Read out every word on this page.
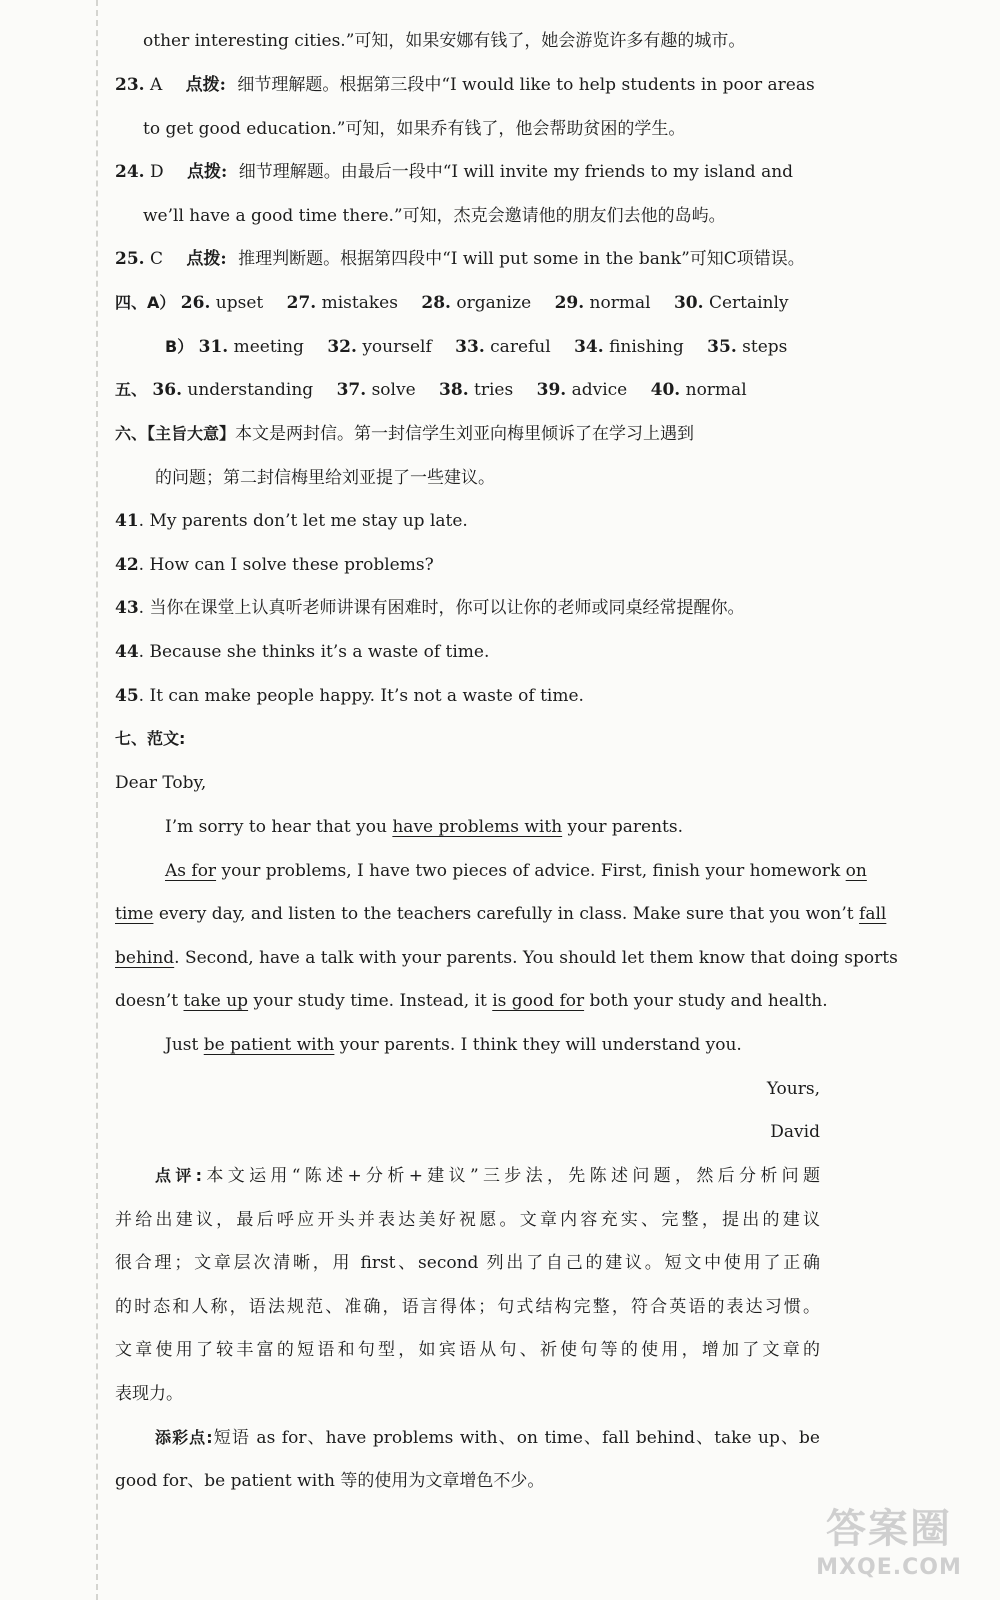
other interesting cities.”可知，如果安娜有钱了，她会游览许多有趣的城市。
23. A 点拨: 细节理解题。根据第三段中“I would like to help students in poor areas
to get good education.”可知，如果乔有钱了，他会帮助贫困的学生。
24. D 点拨: 细节理解题。由最后一段中“I will invite my friends to my island and
we’ll have a good time there.”可知，杰克会邀请他的朋友们去他的岛屿。
25. C 点拨: 推理判断题。根据第四段中“I will put some in the bank”可知C项错误。
四、A） 26. upset 27. mistakes 28. organize 29. normal 30. Certainly
B） 31. meeting 32. yourself 33. careful 34. finishing 35. steps
五、 36. understanding 37. solve 38. tries 39. advice 40. normal
六、【主旨大意】本文是两封信。第一封信学生刘亚向梅里倾诉了在学习上遇到
的问题；第二封信梅里给刘亚提了一些建议。
41. My parents don’t let me stay up late.
42. How can I solve these problems?
43. 当你在课堂上认真听老师讲课有困难时，你可以让你的老师或同桌经常提醒你。
44. Because she thinks it’s a waste of time.
45. It can make people happy. It’s not a waste of time.
七、范文:
Dear Toby,
I’m sorry to hear that you have problems with your parents.
As for your problems, I have two pieces of advice. First, finish your homework on
time every day, and listen to the teachers carefully in class. Make sure that you won’t fall
behind. Second, have a talk with your parents. You should let them know that doing sports
doesn’t take up your study time. Instead, it is good for both your study and health.
Just be patient with your parents. I think they will understand you.
Yours,
David
点评:本文运用“陈述+分析+建议”三步法，先陈述问题，然后分析问题
并给出建议，最后呼应开头并表达美好祝愿。文章内容充实、完整，提出的建议
很合理；文章层次清晰，用 first、second 列出了自己的建议。短文中使用了正确
的时态和人称，语法规范、准确，语言得体；句式结构完整，符合英语的表达习惯。
文章使用了较丰富的短语和句型，如宾语从句、祈使句等的使用，增加了文章的
表现力。
添彩点:短语 as for、have problems with、on time、fall behind、take up、be
good for、be patient with 等的使用为文章增色不少。
答案圈
MXQE.COM
